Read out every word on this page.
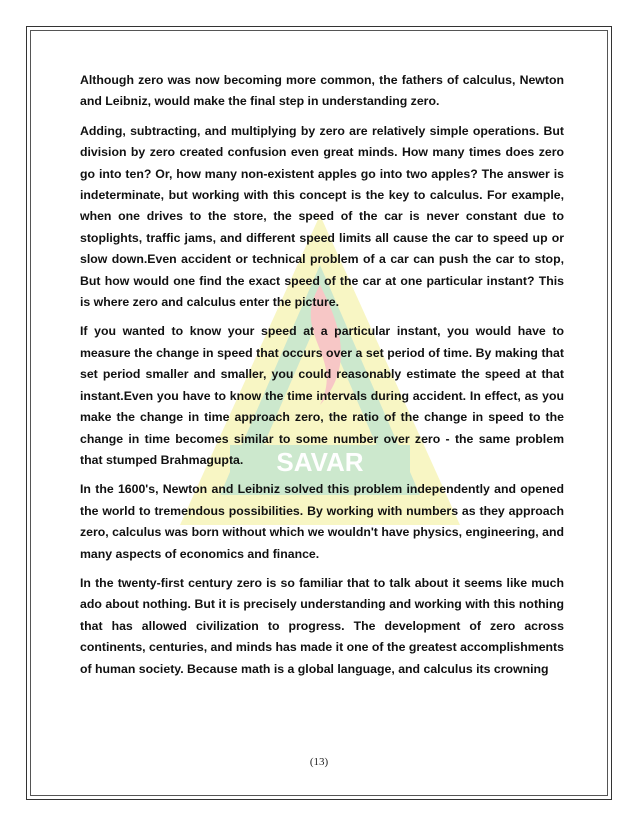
SAVAR

Although zero was now becoming more common, the fathers of calculus, Newton and Leibniz, would make the final step in understanding zero.

Adding, subtracting, and multiplying by zero are relatively simple operations. But division by zero created confusion even great minds. How many times does zero go into ten? Or, how many non-existent apples go into two apples? The answer is indeterminate, but working with this concept is the key to calculus. For example, when one drives to the store, the speed of the car is never constant due to stoplights, traffic jams, and different speed limits all cause the car to speed up or slow down.Even accident or technical problem of a car can push the car to stop, But how would one find the exact speed of the car at one particular instant? This is where zero and calculus enter the picture.

If you wanted to know your speed at a particular instant, you would have to measure the change in speed that occurs over a set period of time. By making that set period smaller and smaller, you could reasonably estimate the speed at that instant.Even you have to know the time intervals during accident. In effect, as you make the change in time approach zero, the ratio of the change in speed to the change in time becomes similar to some number over zero - the same problem that stumped Brahmagupta.

In the 1600's, Newton and Leibniz solved this problem independently and opened the world to tremendous possibilities. By working with numbers as they approach zero, calculus was born without which we wouldn't have physics, engineering, and many aspects of economics and finance.

In the twenty-first century zero is so familiar that to talk about it seems like much ado about nothing. But it is precisely understanding and working with this nothing that has allowed civilization to progress. The development of zero across continents, centuries, and minds has made it one of the greatest accomplishments of human society. Because math is a global language, and calculus its crowning

(13)
